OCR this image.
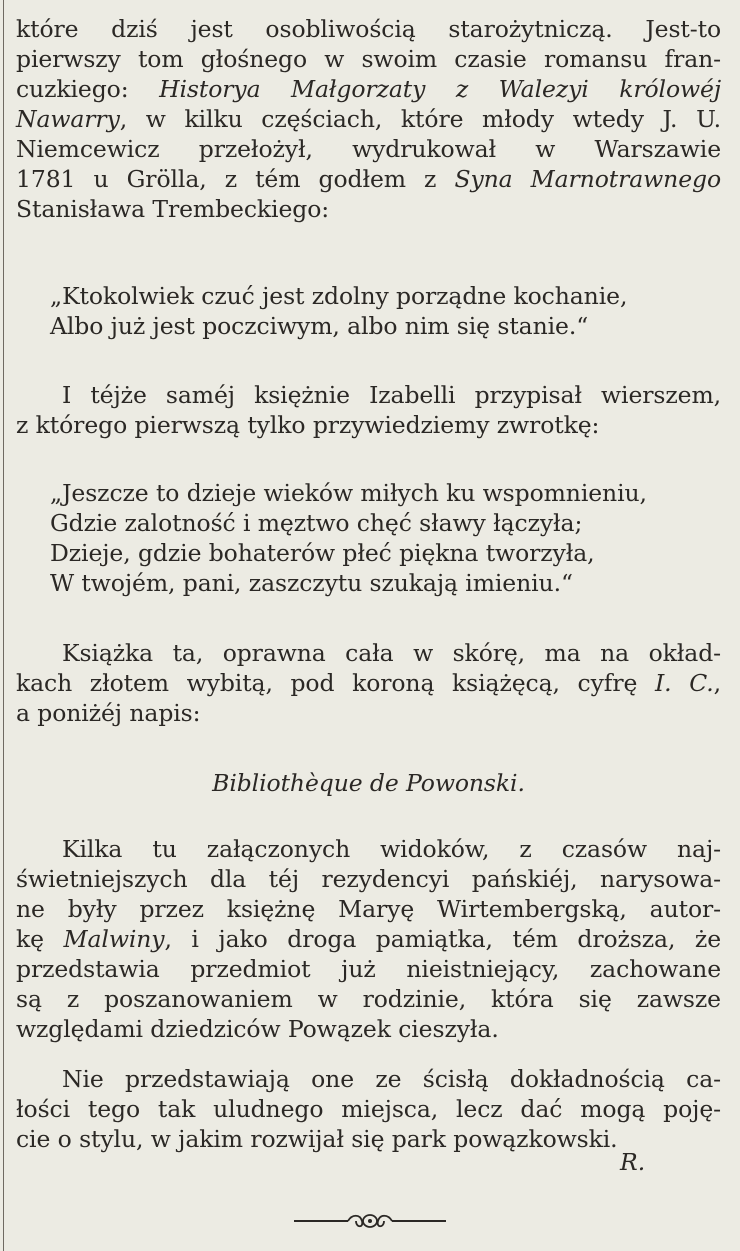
które dziś jest osobliwością starożytniczą. Jest-to
pierwszy tom głośnego w swoim czasie romansu fran-
cuzkiego: Historya Małgorzaty z Walezyi królowéj
Nawarry, w kilku częściach, które młody wtedy J. U.
Niemcewicz przełożył, wydrukował w Warszawie
1781 u Grölla, z tém godłem z Syna Marnotrawnego
Stanisława Trembeckiego:
„Ktokolwiek czuć jest zdolny porządne kochanie,
Albo już jest poczciwym, albo nim się stanie.“
I téjże saméj księżnie Izabelli przypisał wierszem,
z którego pierwszą tylko przywiedziemy zwrotkę:
„Jeszcze to dzieje wieków miłych ku wspomnieniu,
Gdzie zalotność i męztwo chęć sławy łączyła;
Dzieje, gdzie bohaterów płeć piękna tworzyła,
W twojém, pani, zaszczytu szukają imieniu.“
Książka ta, oprawna cała w skórę, ma na okład-
kach złotem wybitą, pod koroną książęcą, cyfrę I. C.,
a poniżéj napis:
Bibliothèque de Powonski.
Kilka tu załączonych widoków, z czasów naj-
świetniejszych dla téj rezydencyi pańskiéj, narysowa-
ne były przez księżnę Maryę Wirtembergską, autor-
kę Malwiny, i jako droga pamiątka, tém droższa, że
przedstawia przedmiot już nieistniejący, zachowane
są z poszanowaniem w rodzinie, która się zawsze
względami dziedziców Powązek cieszyła.
Nie przedstawiają one ze ścisłą dokładnością ca-
łości tego tak uludnego miejsca, lecz dać mogą poję-
cie o stylu, w jakim rozwijał się park powązkowski.
R.
